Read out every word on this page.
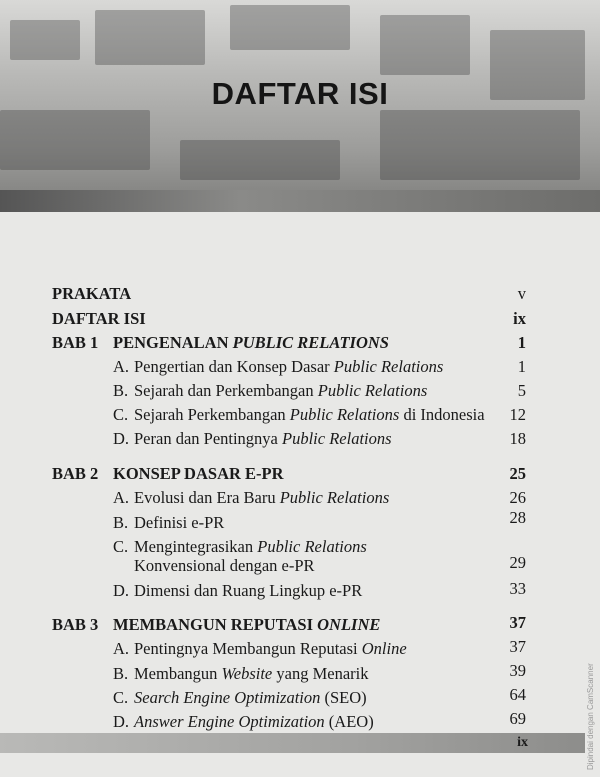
DAFTAR ISI
PRAKATA	v
DAFTAR ISI	ix
BAB 1 PENGENALAN PUBLIC RELATIONS	1
A. Pengertian dan Konsep Dasar Public Relations	1
B. Sejarah dan Perkembangan Public Relations	5
C. Sejarah Perkembangan Public Relations di Indonesia 12
D. Peran dan Pentingnya Public Relations	18
BAB 2 KONSEP DASAR E-PR	25
A. Evolusi dan Era Baru Public Relations	26
B. Definisi e-PR	28
C. Mengintegrasikan Public Relations
Konvensional dengan e-PR	29
D. Dimensi dan Ruang Lingkup e-PR	33
BAB 3 MEMBANGUN REPUTASI ONLINE	37
A. Pentingnya Membangun Reputasi Online	37
B. Membangun Website yang Menarik	39
C. Search Engine Optimization (SEO)	64
D. Answer Engine Optimization (AEO)	69
ix	Dipindai dengan CamScanner
